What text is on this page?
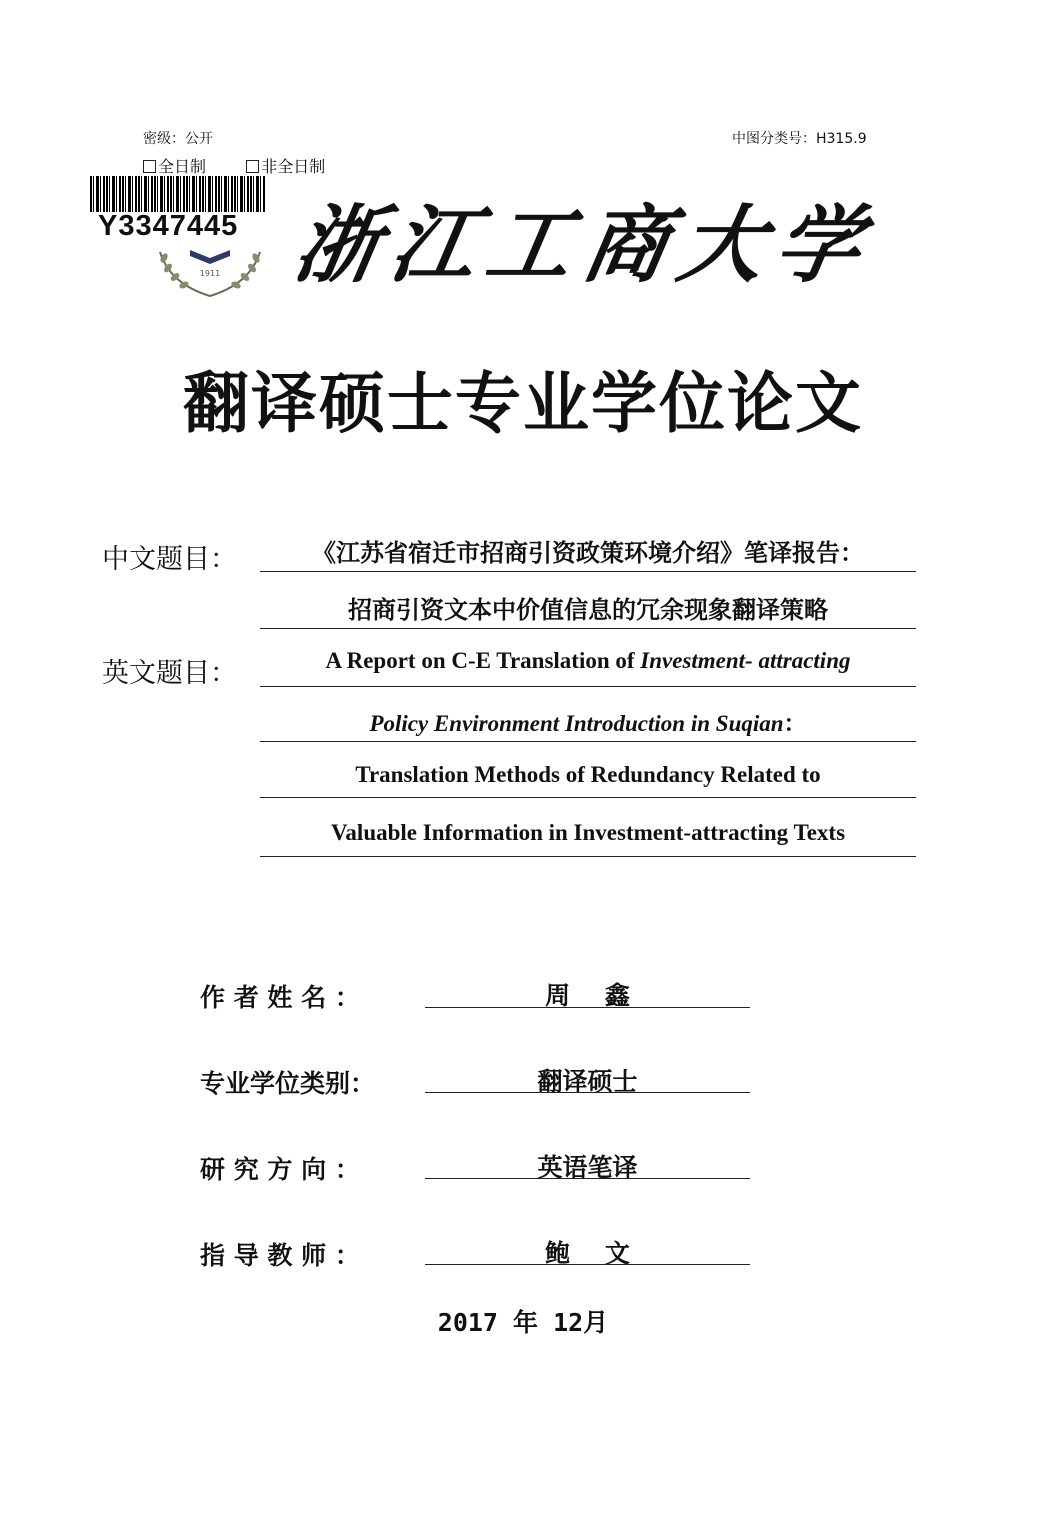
密级：公开	中图分类号：H315.9
全日制	非全日制
Y3347445
1911 浙江工商大学
翻译硕士专业学位论文
中文题目：	《江苏省宿迁市招商引资政策环境介绍》笔译报告：
招商引资文本中价值信息的冗余现象翻译策略
英文题目：	A Report on C-E Translation of Investment- attracting
Policy Environment Introduction in Suqian：
Translation Methods of Redundancy Related to
Valuable Information in Investment-attracting Texts
作 者 姓 名 ：	周    鑫
专业学位类别：	翻译硕士
研 究 方 向 ：	英语笔译
指 导 教 师 ：	鲍    文
2017 年 12月
